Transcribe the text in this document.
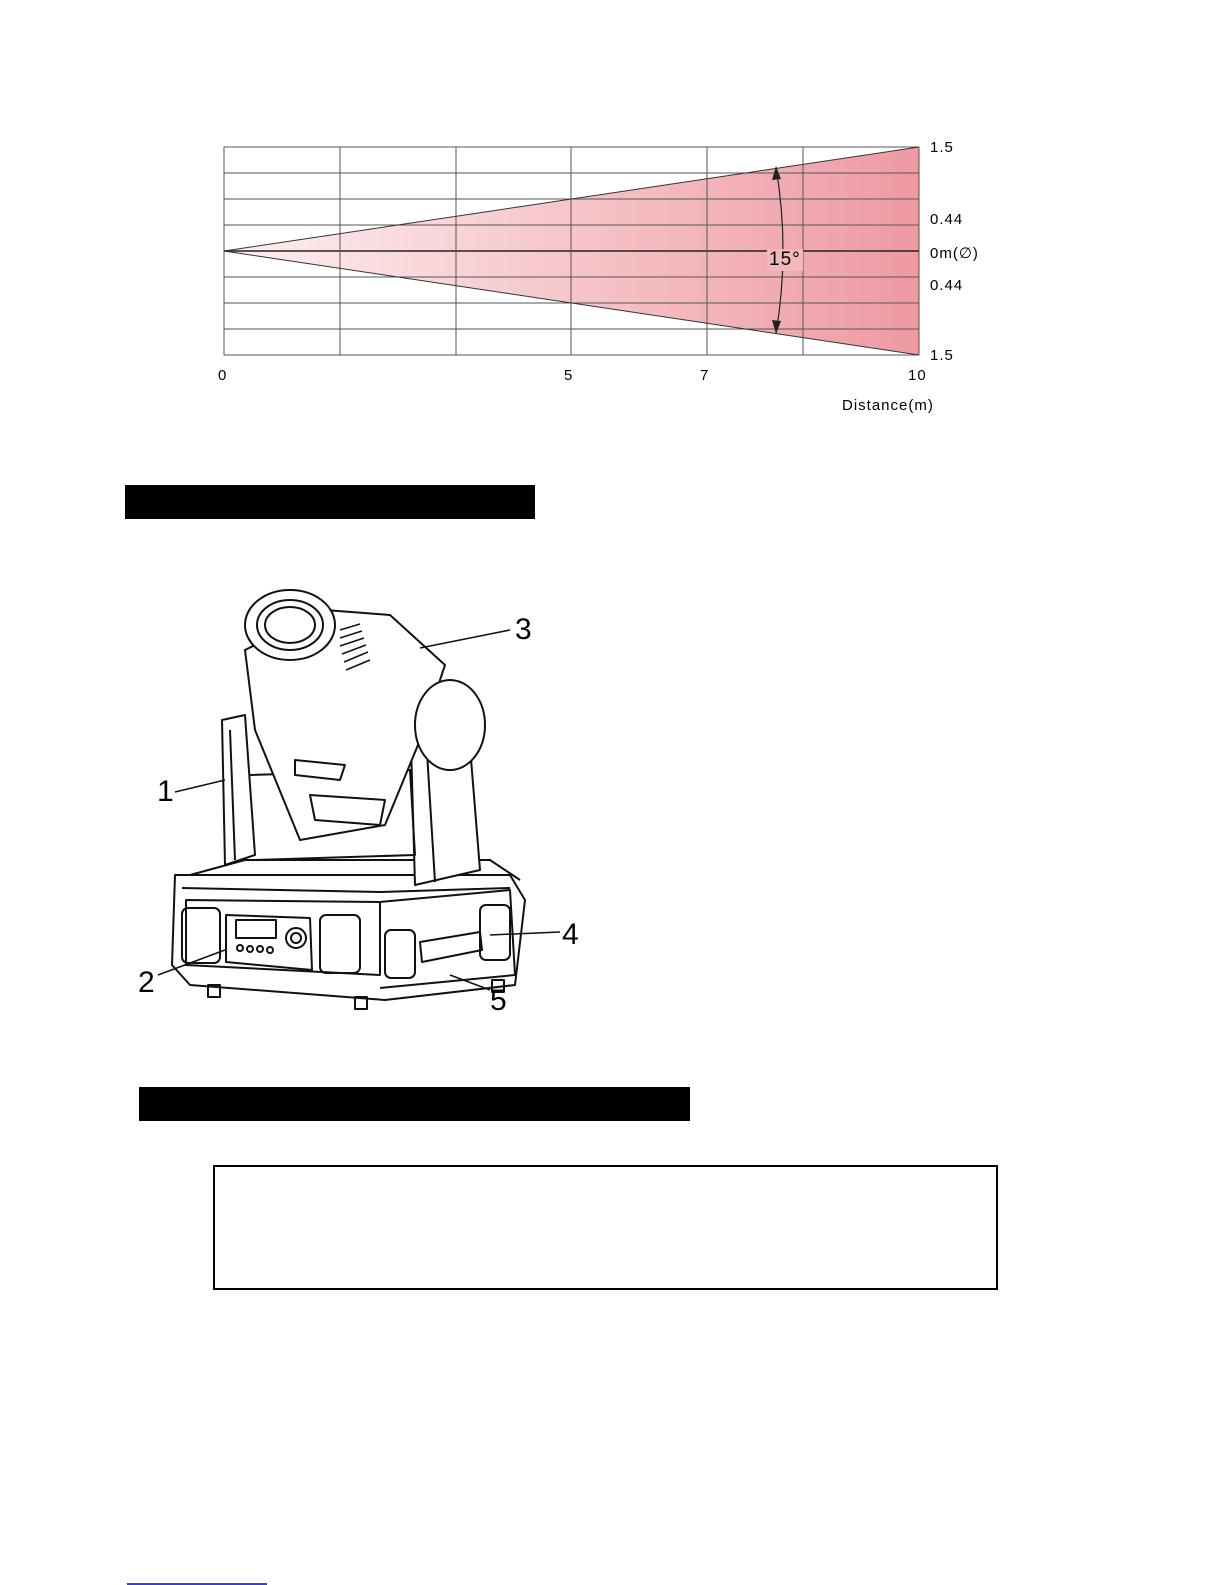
15°
1.5
0.44
0m(∅)
0.44
1.5
0	5	7	10
Distance(m)
1
2
3
4
5
